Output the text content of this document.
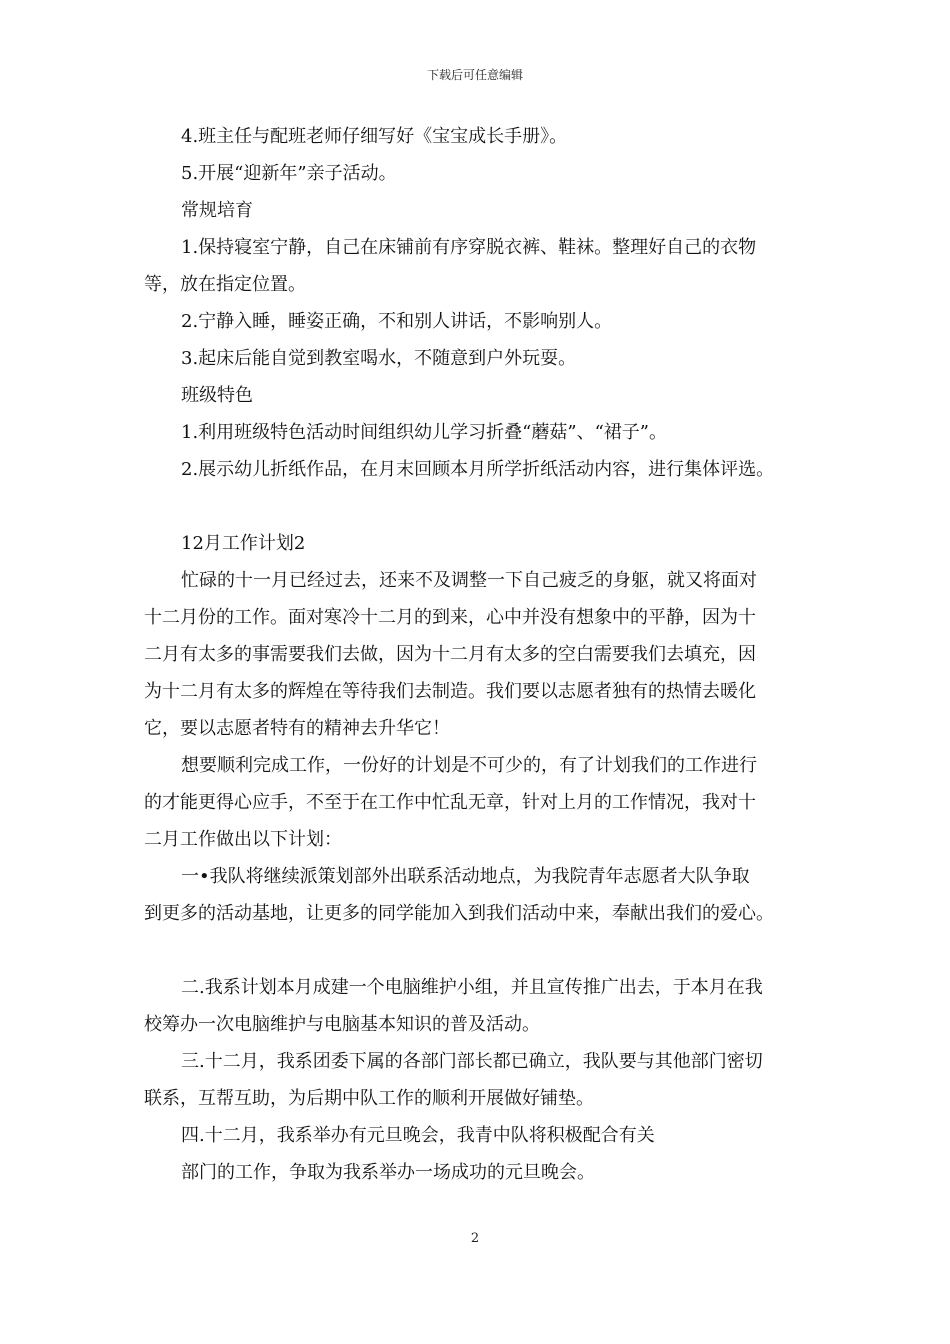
下载后可任意编辑
4.班主任与配班老师仔细写好《宝宝成长手册》。
5.开展“迎新年”亲子活动。
常规培育
1.保持寝室宁静，自己在床铺前有序穿脱衣裤、鞋袜。整理好自己的衣物
等，放在指定位置。
2.宁静入睡，睡姿正确，不和别人讲话，不影响别人。
3.起床后能自觉到教室喝水，不随意到户外玩耍。
班级特色
1.利用班级特色活动时间组织幼儿学习折叠“蘑菇”、“裙子”。
2.展示幼儿折纸作品，在月末回顾本月所学折纸活动内容，进行集体评选。
12月工作计划2
忙碌的十一月已经过去，还来不及调整一下自己疲乏的身躯，就又将面对
十二月份的工作。面对寒冷十二月的到来，心中并没有想象中的平静，因为十
二月有太多的事需要我们去做，因为十二月有太多的空白需要我们去填充，因
为十二月有太多的辉煌在等待我们去制造。我们要以志愿者独有的热情去暖化
它，要以志愿者特有的精神去升华它！
想要顺利完成工作，一份好的计划是不可少的，有了计划我们的工作进行
的才能更得心应手，不至于在工作中忙乱无章，针对上月的工作情况，我对十
二月工作做出以下计划：
一•我队将继续派策划部外出联系活动地点，为我院青年志愿者大队争取
到更多的活动基地，让更多的同学能加入到我们活动中来，奉献出我们的爱心。
二.我系计划本月成建一个电脑维护小组，并且宣传推广出去，于本月在我
校筹办一次电脑维护与电脑基本知识的普及活动。
三.十二月，我系团委下属的各部门部长都已确立，我队要与其他部门密切
联系，互帮互助，为后期中队工作的顺利开展做好铺垫。
四.十二月，我系举办有元旦晚会，我青中队将积极配合有关
部门的工作，争取为我系举办一场成功的元旦晚会。
2
